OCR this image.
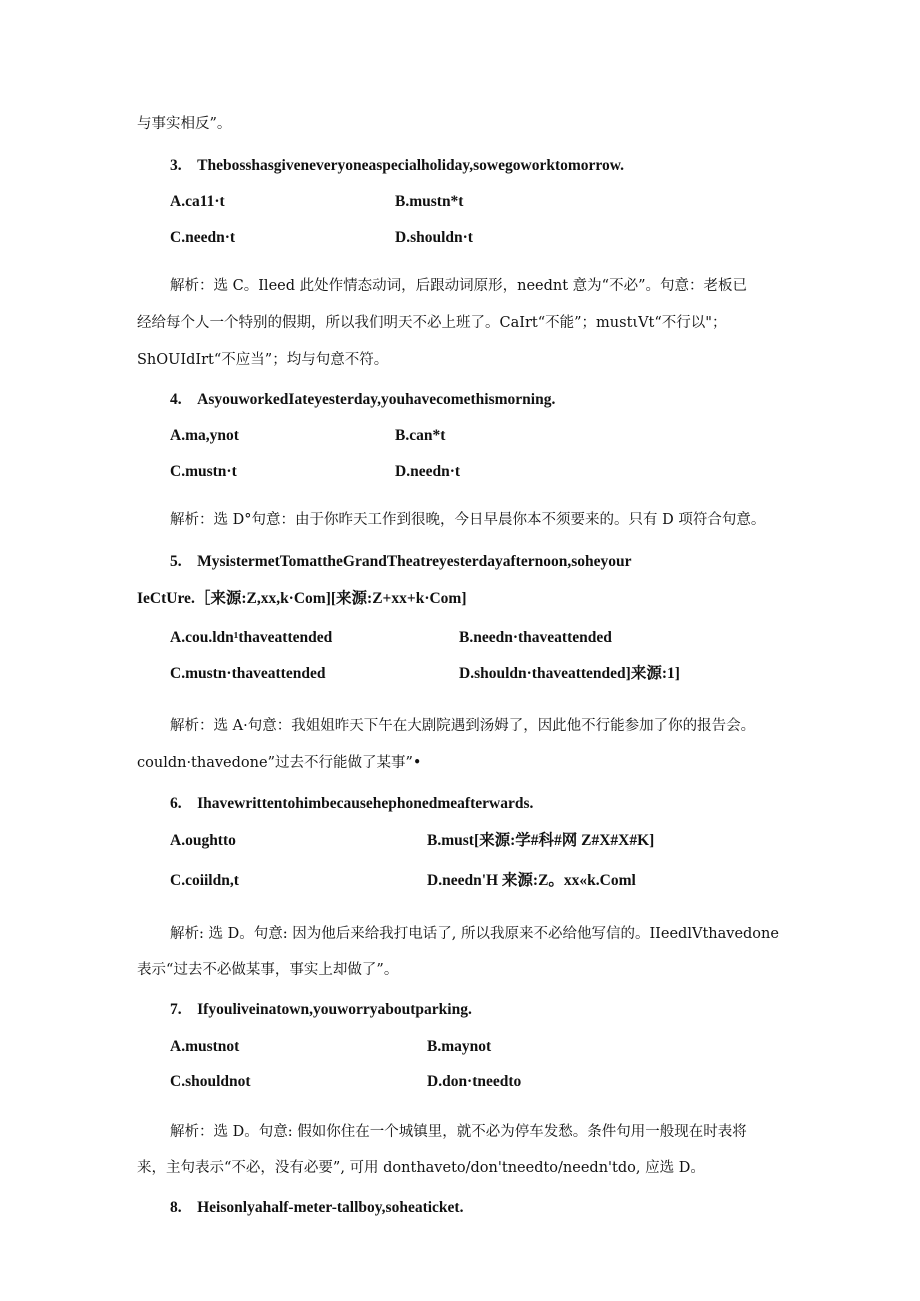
与事实相反”。
3.　Thebosshasgiveneveryoneaspecialholiday,sowegoworktomorrow.
A.ca11·t	B.mustn*t
C.needn·t	D.shouldn·t
解析：选 C。Ileed 此处作情态动词，后跟动词原形，neednt 意为“不必”。句意：老板已
经给每个人一个特别的假期，所以我们明天不必上班了。CaIrt“不能”；mustιVt“不行以"；
ShOUIdIrt“不应当”；均与句意不符。
4.　AsyouworkedIateyesterday,youhavecomethismorning.
A.ma,ynot	B.can*t
C.mustn·t	D.needn·t
解析：选 D°句意：由于你昨天工作到很晚，今日早晨你本不须要来的。只有 D 项符合句意。
5.　MysistermetTomattheGrandTheatreyesterdayafternoon,soheyour
IeCtUre.［来源:Z,xx,k·Com][来源:Z+xx+k·Com]
A.cou.ldn¹thaveattended	B.needn·thaveattended
C.mustn·thaveattended	D.shouldn·thaveattended]来源:1]
解析：选 A·句意：我姐姐昨天下午在大剧院遇到汤姆了，因此他不行能参加了你的报告会。
couldn·thavedone”过去不行能做了某事”•
6.　Ihavewrittentohimbecausehephonedmeafterwards.
A.oughtto	B.must[来源:学#科#网 Z#X#X#K]
C.coiildn,t	D.needn'H 来源:Z。xx«k.Coml
解析: 选 D。句意: 因为他后来给我打电话了, 所以我原来不必给他写信的。IIeedlVthavedone
表示“过去不必做某事，事实上却做了”。
7.　Ifyouliveinatown,youworryaboutparking.
A.mustnot	B.maynot
C.shouldnot	D.don·tneedto
解析：选 D。句意: 假如你住在一个城镇里，就不必为停车发愁。条件句用一般现在时表将
来，主句表示“不必，没有必要”, 可用 donthaveto/don'tneedto/needn'tdo, 应选 D。
8.　Heisonlyahalf-meter-tallboy,soheaticket.
